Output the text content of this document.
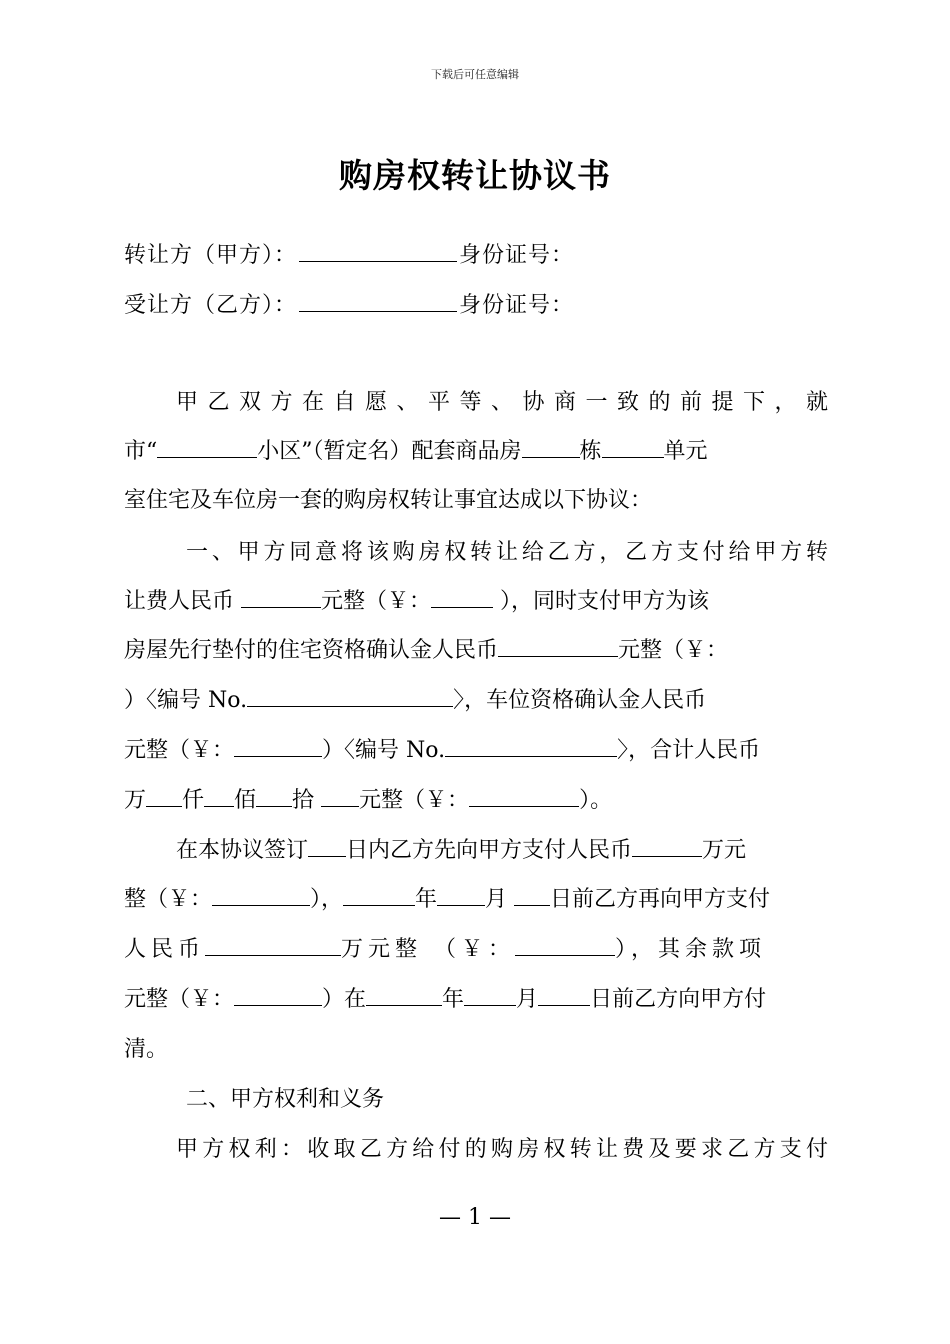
下载后可任意编辑
购房权转让协议书
转让方（甲方）：	身份证号：
受让方（乙方）：	身份证号：
甲乙双方在自愿、平等、协商一致的前提下，就
市“	小区”（暂定名）配套商品房	栋	单元
室住宅及车位房一套的购房权转让事宜达成以下协议：
一、甲方同意将该购房权转让给乙方，乙方支付给甲方转
让费人民币	元整（￥：	），同时支付甲方为该
房屋先行垫付的住宅资格确认金人民币	元整（￥：
）〈编号 No.	〉，车位资格确认金人民币
元整（￥：	）〈编号 No.	〉，合计人民币
万 仟 佰 拾 元整（￥：	）。
在本协议签订 日内乙方先向甲方支付人民币	万元
整（￥：	），	年 月 日前乙方再向甲方支付
人民币	万元整 （￥：	），其余款项
元整（￥：	）在	年 月 日前乙方向甲方付
清。
二、甲方权利和义务
甲方权利：收取乙方给付的购房权转让费及要求乙方支付
— 1 —
